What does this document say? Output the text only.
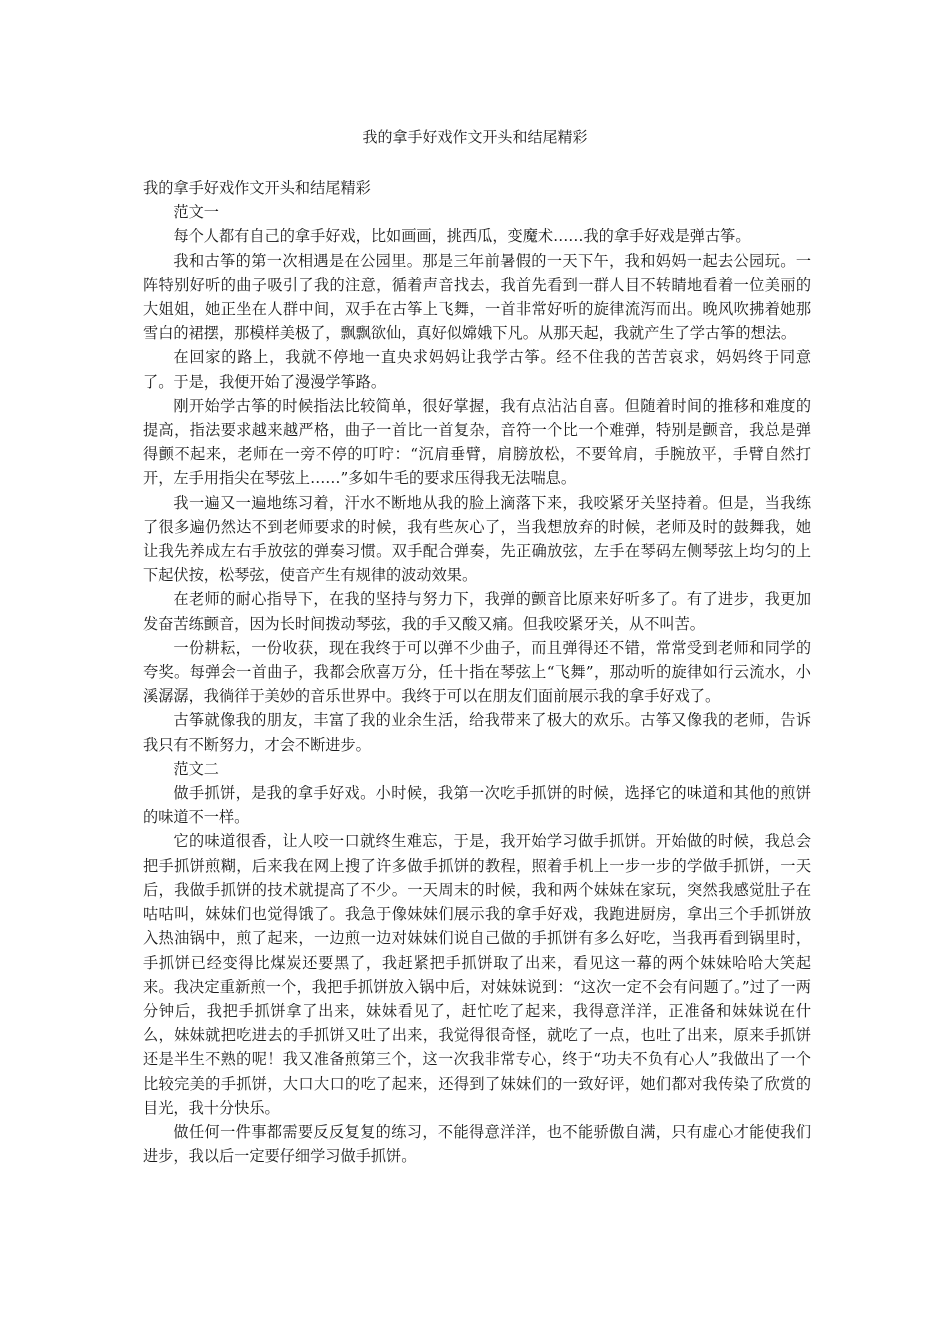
我的拿手好戏作文开头和结尾精彩

我的拿手好戏作文开头和结尾精彩

范文一

每个人都有自己的拿手好戏，比如画画，挑西瓜，变魔术……我的拿手好戏是弹古筝。

我和古筝的第一次相遇是在公园里。那是三年前暑假的一天下午，我和妈妈一起去公园玩。一阵特别好听的曲子吸引了我的注意，循着声音找去，我首先看到一群人目不转睛地看着一位美丽的大姐姐，她正坐在人群中间，双手在古筝上飞舞，一首非常好听的旋律流泻而出。晚风吹拂着她那雪白的裙摆，那模样美极了，飘飘欲仙，真好似嫦娥下凡。从那天起，我就产生了学古筝的想法。

在回家的路上，我就不停地一直央求妈妈让我学古筝。经不住我的苦苦哀求，妈妈终于同意了。于是，我便开始了漫漫学筝路。

刚开始学古筝的时候指法比较简单，很好掌握，我有点沾沾自喜。但随着时间的推移和难度的提高，指法要求越来越严格，曲子一首比一首复杂，音符一个比一个难弹，特别是颤音，我总是弹得颤不起来，老师在一旁不停的叮咛：“沉肩垂臂，肩膀放松，不要耸肩，手腕放平，手臂自然打开，左手用指尖在琴弦上……”多如牛毛的要求压得我无法喘息。

我一遍又一遍地练习着，汗水不断地从我的脸上滴落下来，我咬紧牙关坚持着。但是，当我练了很多遍仍然达不到老师要求的时候，我有些灰心了，当我想放弃的时候，老师及时的鼓舞我，她让我先养成左右手放弦的弹奏习惯。双手配合弹奏，先正确放弦，左手在琴码左侧琴弦上均匀的上下起伏按，松琴弦，使音产生有规律的波动效果。

在老师的耐心指导下，在我的坚持与努力下，我弹的颤音比原来好听多了。有了进步，我更加发奋苦练颤音，因为长时间拨动琴弦，我的手又酸又痛。但我咬紧牙关，从不叫苦。

一份耕耘，一份收获，现在我终于可以弹不少曲子，而且弹得还不错，常常受到老师和同学的夸奖。每弹会一首曲子，我都会欣喜万分，任十指在琴弦上“飞舞”，那动听的旋律如行云流水，小溪潺潺，我徜徉于美妙的音乐世界中。我终于可以在朋友们面前展示我的拿手好戏了。

古筝就像我的朋友，丰富了我的业余生活，给我带来了极大的欢乐。古筝又像我的老师，告诉我只有不断努力，才会不断进步。

范文二

做手抓饼，是我的拿手好戏。小时候，我第一次吃手抓饼的时候，选择它的味道和其他的煎饼的味道不一样。

它的味道很香，让人咬一口就终生难忘，于是，我开始学习做手抓饼。开始做的时候，我总会把手抓饼煎糊，后来我在网上搜了许多做手抓饼的教程，照着手机上一步一步的学做手抓饼，一天后，我做手抓饼的技术就提高了不少。一天周末的时候，我和两个妹妹在家玩，突然我感觉肚子在咕咕叫，妹妹们也觉得饿了。我急于像妹妹们展示我的拿手好戏，我跑进厨房，拿出三个手抓饼放入热油锅中，煎了起来，一边煎一边对妹妹们说自己做的手抓饼有多么好吃，当我再看到锅里时，手抓饼已经变得比煤炭还要黑了，我赶紧把手抓饼取了出来，看见这一幕的两个妹妹哈哈大笑起来。我决定重新煎一个，我把手抓饼放入锅中后，对妹妹说到：“这次一定不会有问题了。”过了一两分钟后，我把手抓饼拿了出来，妹妹看见了，赶忙吃了起来，我得意洋洋，正准备和妹妹说在什么，妹妹就把吃进去的手抓饼又吐了出来，我觉得很奇怪，就吃了一点，也吐了出来，原来手抓饼还是半生不熟的呢！我又准备煎第三个，这一次我非常专心，终于“功夫不负有心人”我做出了一个比较完美的手抓饼，大口大口的吃了起来，还得到了妹妹们的一致好评，她们都对我传染了欣赏的目光，我十分快乐。

做任何一件事都需要反反复复的练习，不能得意洋洋，也不能骄傲自满，只有虚心才能使我们进步，我以后一定要仔细学习做手抓饼。
